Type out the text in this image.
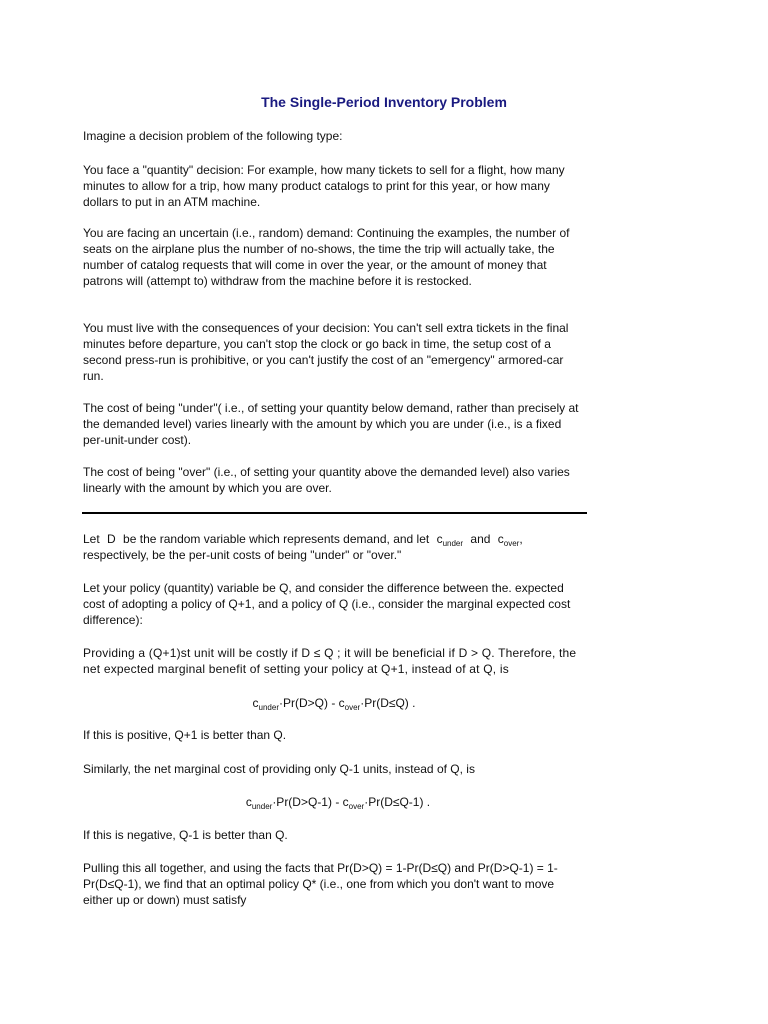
The Single-Period Inventory Problem

Imagine a decision problem of the following type:

You face a "quantity" decision: For example, how many tickets to sell for a flight, how many minutes to allow for a trip, how many product catalogs to print for this year, or how many dollars to put in an ATM machine.

You are facing an uncertain (i.e., random) demand: Continuing the examples, the number of seats on the airplane plus the number of no-shows, the time the trip will actually take, the number of catalog requests that will come in over the year, or the amount of money that patrons will (attempt to) withdraw from the machine before it is restocked.

You must live with the consequences of your decision: You can't sell extra tickets in the final minutes before departure, you can't stop the clock or go back in time, the setup cost of a second press-run is prohibitive, or you can't justify the cost of an "emergency" armored-car run.

The cost of being "under"( i.e., of setting your quantity below demand, rather than precisely at the demanded level) varies linearly with the amount by which you are under (i.e., is a fixed per-unit-under cost).

The cost of being "over" (i.e., of setting your quantity above the demanded level) also varies linearly with the amount by which you are over.

Let D be the random variable which represents demand, and let $c_{under}$ and $c_{over}$,
respectively, be the per-unit costs of being "under" or "over."

Let your policy (quantity) variable be Q, and consider the difference between the. expected cost of adopting a policy of Q+1, and a policy of Q (i.e., consider the marginal expected cost difference):

Providing a (Q+1)st unit will be costly if D ≤ Q ; it will be beneficial if D > Q. Therefore, the net expected marginal benefit of setting your policy at Q+1, instead of at Q, is

$c_{under}\cdot Pr(D>Q) - c_{over}\cdot Pr(D\le Q)$ .

If this is positive, Q+1 is better than Q.

Similarly, the net marginal cost of providing only Q-1 units, instead of Q, is

$c_{under}\cdot Pr(D>Q-1) - c_{over}\cdot Pr(D\le Q-1)$ .

If this is negative, Q-1 is better than Q.

Pulling this all together, and using the facts that Pr(D>Q) = 1-Pr(D≤Q) and Pr(D>Q-1) = 1-Pr(D≤Q-1), we find that an optimal policy Q* (i.e., one from which you don't want to move either up or down) must satisfy
